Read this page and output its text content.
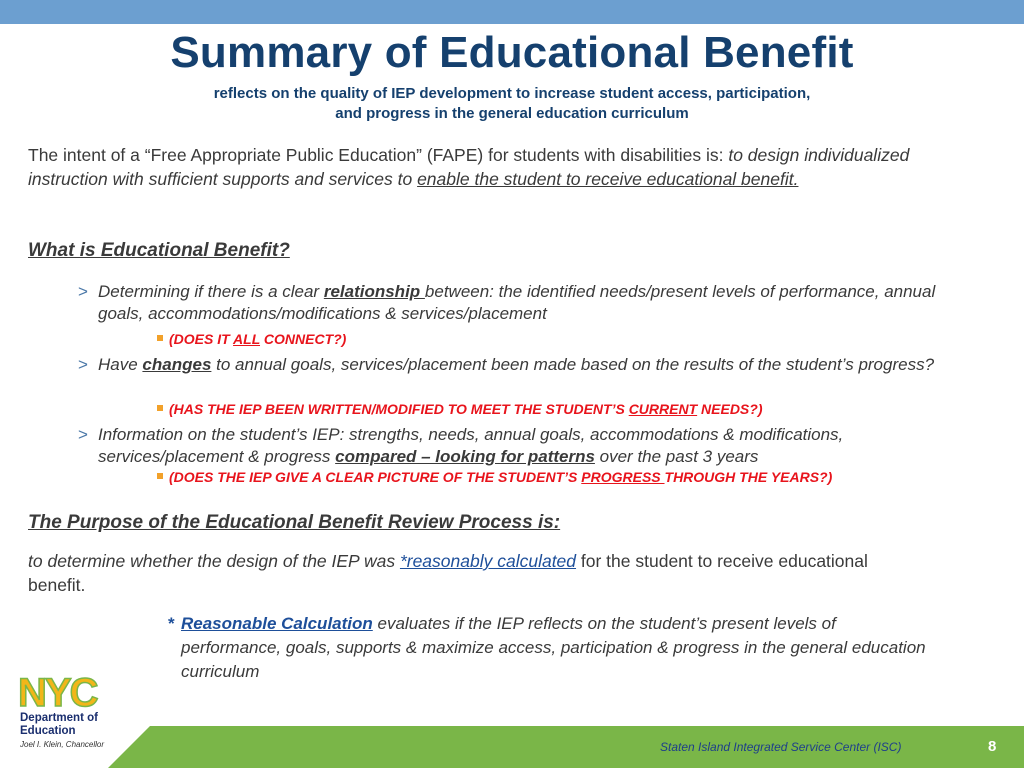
Summary of Educational Benefit
reflects on the quality of IEP development to increase student access, participation,
and progress in the general education curriculum
The intent of a “Free Appropriate Public Education” (FAPE) for students with disabilities is: to design individualized instruction with sufficient supports and services to enable the student to receive educational benefit.
What is Educational Benefit?
> Determining if there is a clear relationship between: the identified needs/present levels of performance, annual goals, accommodations/modifications & services/placement
(DOES IT ALL CONNECT?)
> Have changes to annual goals, services/placement been made based on the results of the student’s progress?
(HAS THE IEP BEEN WRITTEN/MODIFIED TO MEET THE STUDENT’S CURRENT NEEDS?)
> Information on the student’s IEP: strengths, needs, annual goals, accommodations & modifications, services/placement & progress compared – looking for patterns over the past 3 years
(DOES THE IEP GIVE A CLEAR PICTURE OF THE STUDENT’S PROGRESS THROUGH THE YEARS?)
The Purpose of the Educational Benefit Review Process is:
to determine whether the design of the IEP was *reasonably calculated for the student to receive educational benefit.
* Reasonable Calculation evaluates if the IEP reflects on the student’s present levels of performance, goals, supports & maximize access, participation & progress in the general education curriculum
NYC
Department of
Education
Joel I. Klein, Chancellor	Staten Island Integrated Service Center (ISC)	8
